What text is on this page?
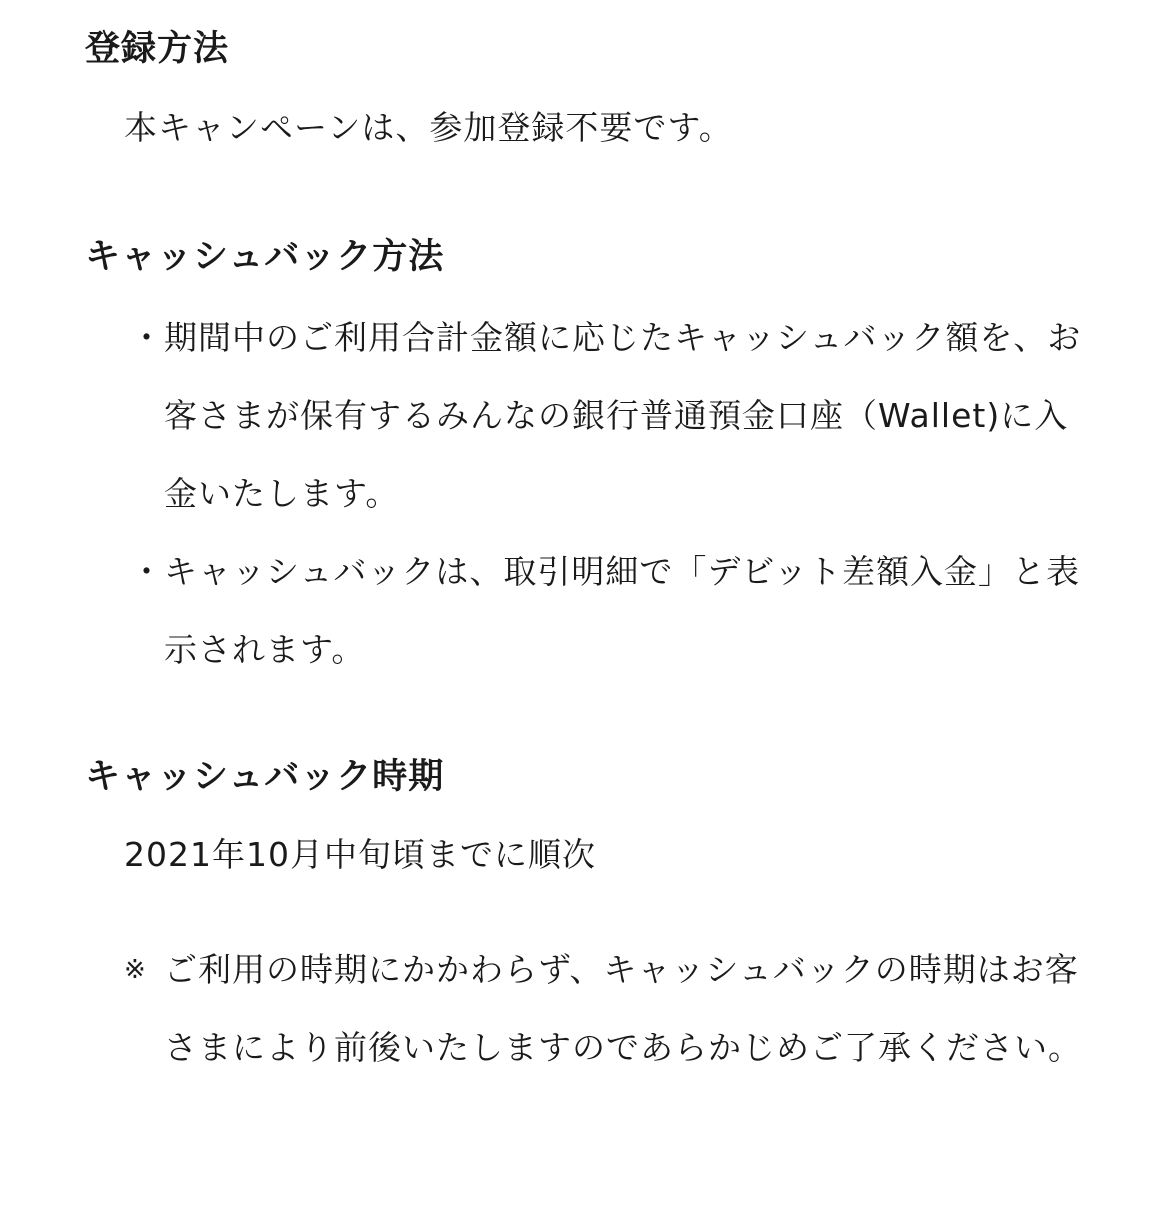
登録方法

本キャンペーンは、参加登録不要です。

キャッシュバック方法
・ 期間中のご利用合計金額に応じたキャッシュバック額を、お客さまが保有するみんなの銀行普通預金口座（Wallet)に入金いたします。
・ キャッシュバックは、取引明細で「デビット差額入金」と表示されます。
キャッシュバック時期

2021年10月中旬頃までに順次

※ ご利用の時期にかかわらず、キャッシュバックの時期はお客さまにより前後いたしますのであらかじめご了承ください。
